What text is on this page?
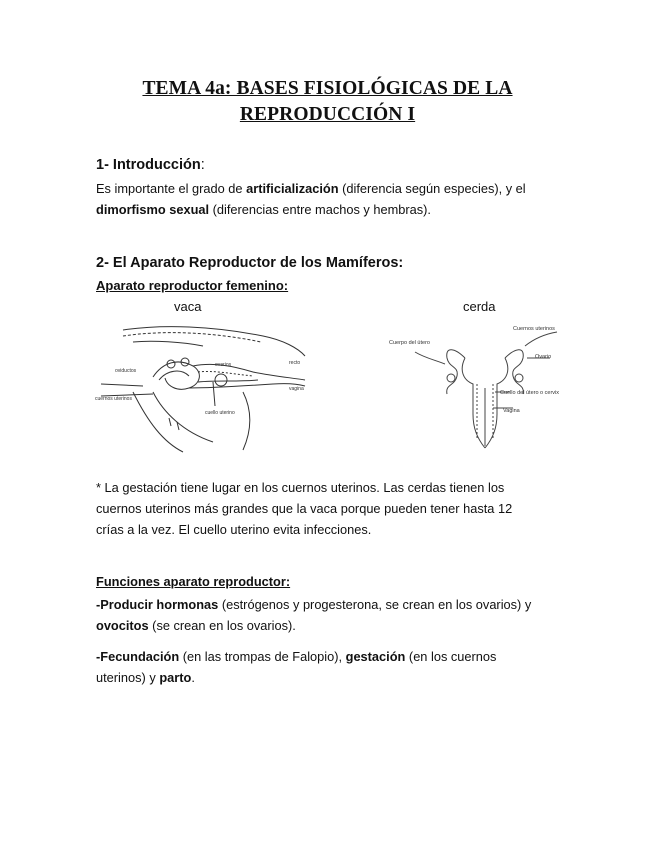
TEMA 4a: BASES FISIOLÓGICAS DE LA
REPRODUCCIÓN I
1- Introducción:
Es importante el grado de artificialización (diferencia según especies), y el
dimorfismo sexual (diferencias entre machos y hembras).
2- El Aparato Reproductor de los Mamíferos:
Aparato reproductor femenino:
vaca	cerda
recto
ovarios
oviductos
vagina
cuernos uterinos
cuello uterino
Cuernos uterinos
Cuerpo del útero
Ovario
Cuello del útero o cervix
Vagina
* La gestación tiene lugar en los cuernos uterinos. Las cerdas tienen los
cuernos uterinos más grandes que la vaca porque pueden tener hasta 12
crías a la vez. El cuello uterino evita infecciones.
Funciones aparato reproductor:
-Producir hormonas (estrógenos y progesterona, se crean en los ovarios) y
ovocitos (se crean en los ovarios).
-Fecundación (en las trompas de Falopio), gestación (en los cuernos
uterinos) y parto.
